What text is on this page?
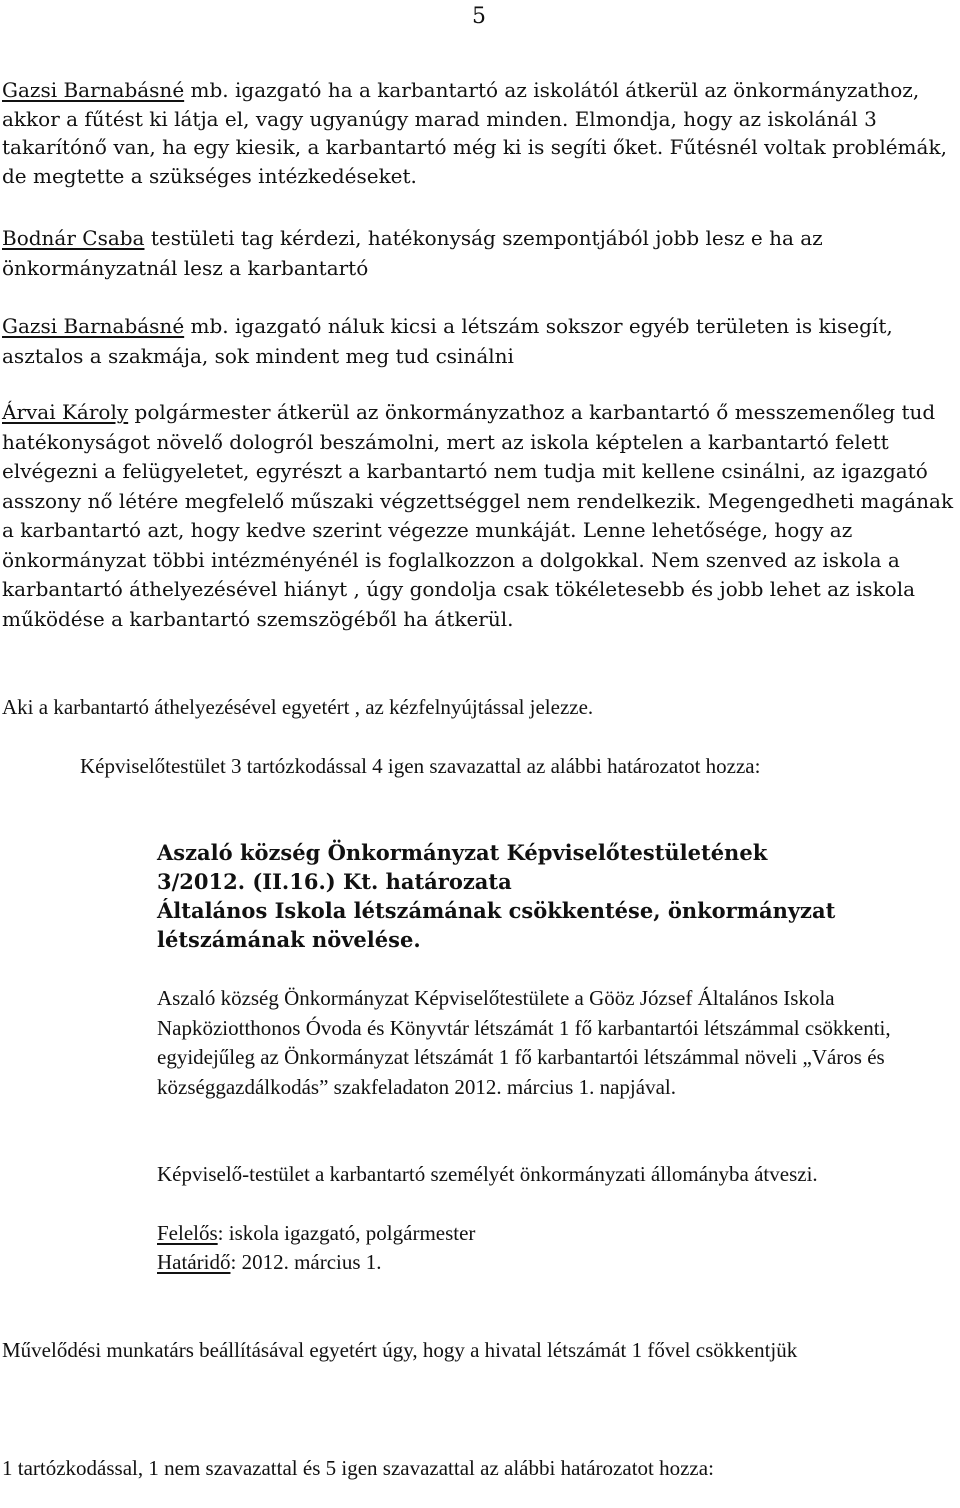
5

Gazsi Barnabásné mb. igazgató ha a karbantartó az iskolától átkerül az önkormányzathoz, akkor a fűtést ki látja el, vagy ugyanúgy marad minden. Elmondja, hogy az iskolánál 3 takarítónő van, ha egy kiesik, a karbantartó még ki is segíti őket. Fűtésnél voltak problémák, de megtette a szükséges intézkedéseket.

Bodnár Csaba testületi tag kérdezi, hatékonyság szempontjából jobb lesz e ha az önkormányzatnál lesz a karbantartó

Gazsi Barnabásné mb. igazgató náluk kicsi a létszám sokszor egyéb területen is kisegít, asztalos a szakmája, sok mindent meg tud csinálni

Árvai Károly polgármester átkerül az önkormányzathoz a karbantartó ő messzemenőleg tud hatékonyságot növelő dologról beszámolni, mert az iskola képtelen a karbantartó felett elvégezni a felügyeletet, egyrészt a karbantartó nem tudja mit kellene csinálni, az igazgató asszony nő létére megfelelő műszaki végzettséggel nem rendelkezik. Megengedheti magának a karbantartó azt, hogy kedve szerint végezze munkáját. Lenne lehetősége, hogy az önkormányzat többi intézményénél is foglalkozzon a dolgokkal. Nem szenved az iskola a karbantartó áthelyezésével hiányt , úgy gondolja csak tökéletesebb és jobb lehet az iskola működése a karbantartó szemszögéből ha átkerül.

Aki a karbantartó áthelyezésével egyetért , az kézfelnyújtással jelezze.

Képviselőtestület 3 tartózkodással 4 igen szavazattal az alábbi határozatot hozza:

Aszaló község Önkormányzat Képviselőtestületének
3/2012. (II.16.) Kt. határozata
Általános Iskola létszámának csökkentése, önkormányzat létszámának növelése.

Aszaló község Önkormányzat Képviselőtestülete a Gööz József Általános Iskola Napköziotthonos Óvoda és Könyvtár létszámát 1 fő karbantartói létszámmal csökkenti, egyidejűleg az Önkormányzat létszámát 1 fő karbantartói létszámmal növeli „Város és községgazdálkodás” szakfeladaton 2012. március 1. napjával.

Képviselő-testület a karbantartó személyét önkormányzati állományba átveszi.

Felelős: iskola igazgató, polgármester

Határidő: 2012. március 1.

Művelődési munkatárs beállításával egyetért úgy, hogy a hivatal létszámát 1 fővel csökkentjük

1 tartózkodással, 1 nem szavazattal és 5 igen szavazattal az alábbi határozatot hozza:
